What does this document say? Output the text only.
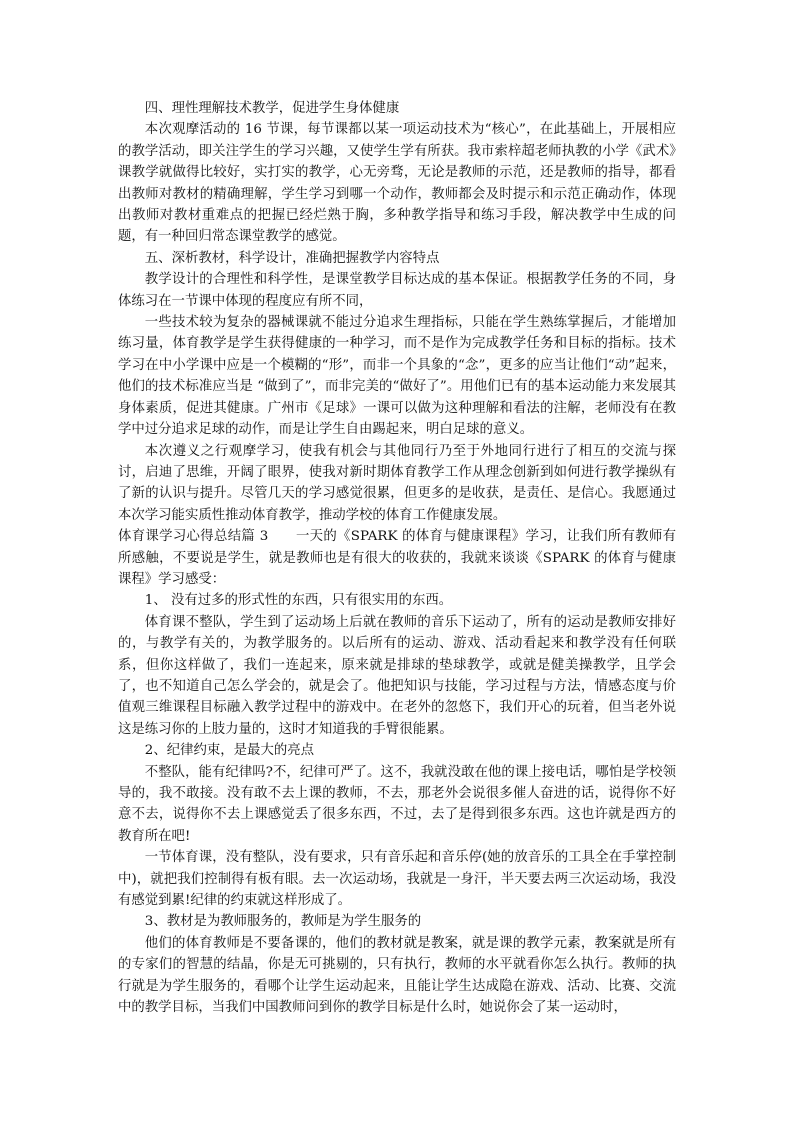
四、理性理解技术教学，促进学生身体健康

本次观摩活动的 16 节课，每节课都以某一项运动技术为“核心”，在此基础上，开展相应的教学活动，即关注学生的学习兴趣，又使学生学有所获。我市索梓超老师执教的小学《武术》课教学就做得比较好，实打实的教学，心无旁骛，无论是教师的示范，还是教师的指导，都看出教师对教材的精确理解，学生学习到哪一个动作，教师都会及时提示和示范正确动作，体现出教师对教材重难点的把握已经烂熟于胸，多种教学指导和练习手段，解决教学中生成的问题，有一种回归常态课堂教学的感觉。

五、深析教材，科学设计，准确把握教学内容特点

教学设计的合理性和科学性，是课堂教学目标达成的基本保证。根据教学任务的不同，身体练习在一节课中体现的程度应有所不同，

一些技术较为复杂的器械课就不能过分追求生理指标，只能在学生熟练掌握后，才能增加练习量，体育教学是学生获得健康的一种学习，而不是作为完成教学任务和目标的指标。技术学习在中小学课中应是一个模糊的“形”，而非一个具象的“念”，更多的应当让他们“动”起来，他们的技术标准应当是 “做到了”，而非完美的“做好了”。用他们已有的基本运动能力来发展其身体素质，促进其健康。广州市《足球》一课可以做为这种理解和看法的注解，老师没有在教学中过分追求足球的动作，而是让学生自由踢起来，明白足球的意义。

本次遵义之行观摩学习，使我有机会与其他同行乃至于外地同行进行了相互的交流与探讨，启迪了思维，开阔了眼界，使我对新时期体育教学工作从理念创新到如何进行教学操纵有了新的认识与提升。尽管几天的学习感觉很累，但更多的是收获，是责任、是信心。我愿通过本次学习能实质性推动体育教学，推动学校的体育工作健康发展。

体育课学习心得总结篇 3　　一天的《SPARK 的体育与健康课程》学习，让我们所有教师有所感触，不要说是学生，就是教师也是有很大的收获的，我就来谈谈《SPARK 的体育与健康课程》学习感受：

1、 没有过多的形式性的东西，只有很实用的东西。

体育课不整队，学生到了运动场上后就在教师的音乐下运动了，所有的运动是教师安排好的，与教学有关的，为教学服务的。以后所有的运动、游戏、活动看起来和教学没有任何联系，但你这样做了，我们一连起来，原来就是排球的垫球教学，或就是健美操教学，且学会了，也不知道自己怎么学会的，就是会了。他把知识与技能，学习过程与方法，情感态度与价值观三维课程目标融入教学过程中的游戏中。在老外的忽悠下，我们开心的玩着，但当老外说这是练习你的上肢力量的，这时才知道我的手臂很能累。

2、纪律约束，是最大的亮点

不整队，能有纪律吗?不，纪律可严了。这不，我就没敢在他的课上接电话，哪怕是学校领导的，我不敢接。没有敢不去上课的教师，不去，那老外会说很多催人奋进的话，说得你不好意不去，说得你不去上课感觉丢了很多东西，不过，去了是得到很多东西。这也许就是西方的教育所在吧!

一节体育课，没有整队，没有要求，只有音乐起和音乐停(她的放音乐的工具全在手掌控制中)，就把我们控制得有板有眼。去一次运动场，我就是一身汗，半天要去两三次运动场，我没有感觉到累!纪律的约束就这样形成了。

3、教材是为教师服务的，教师是为学生服务的

他们的体育教师是不要备课的，他们的教材就是教案，就是课的教学元素，教案就是所有的专家们的智慧的结晶，你是无可挑剔的，只有执行，教师的水平就看你怎么执行。教师的执行就是为学生服务的，看哪个让学生运动起来，且能让学生达成隐在游戏、活动、比赛、交流中的教学目标，当我们中国教师问到你的教学目标是什么时，她说你会了某一运动时，
